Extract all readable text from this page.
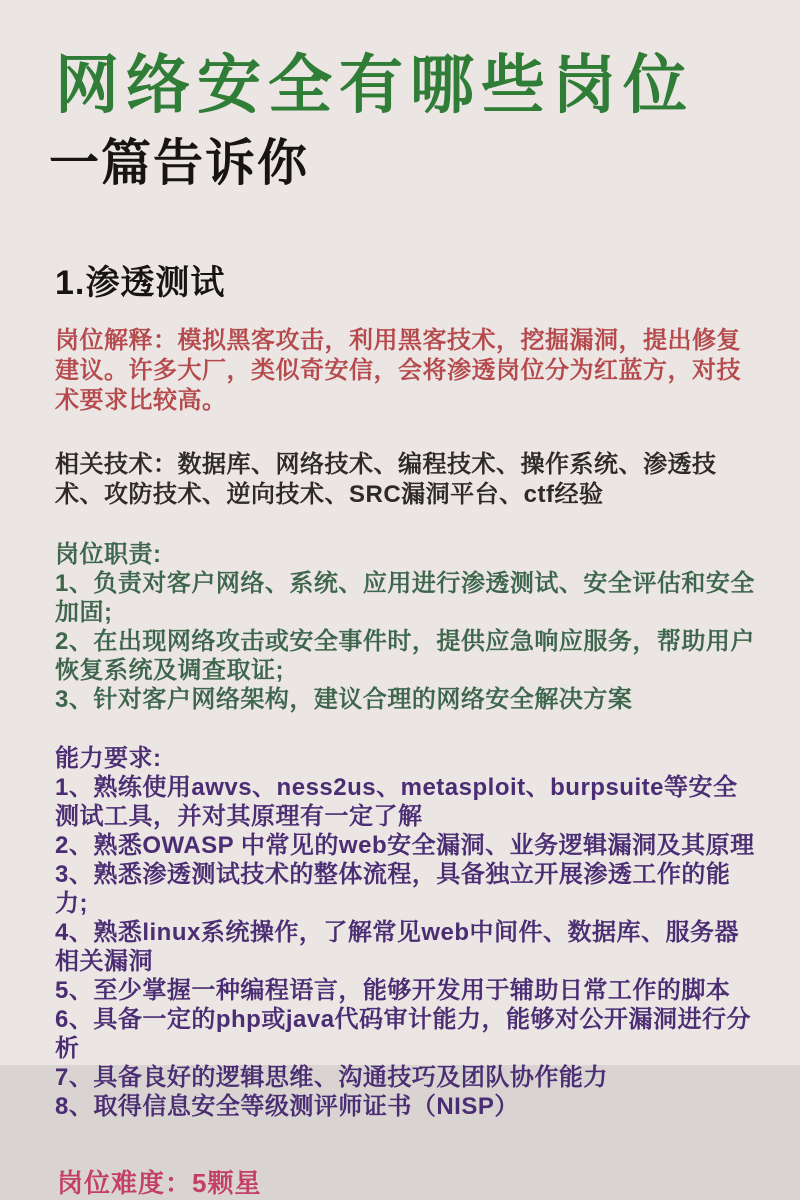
网络安全有哪些岗位
一篇告诉你
1.渗透测试

岗位解释：模拟黑客攻击，利用黑客技术，挖掘漏洞，提出修复建议。许多大厂，类似奇安信，会将渗透岗位分为红蓝方，对技术要求比较高。

相关技术：数据库、网络技术、编程技术、操作系统、渗透技术、攻防技术、逆向技术、SRC漏洞平台、ctf经验

岗位职责:
1、负责对客户网络、系统、应用进行渗透测试、安全评估和安全加固;
2、在出现网络攻击或安全事件时，提供应急响应服务，帮助用户恢复系统及调查取证;
3、针对客户网络架构，建议合理的网络安全解决方案
能力要求:
1、熟练使用awvs、ness2us、metasploit、burpsuite等安全测试工具，并对其原理有一定了解
2、熟悉OWASP 中常见的web安全漏洞、业务逻辑漏洞及其原理
3、熟悉渗透测试技术的整体流程，具备独立开展渗透工作的能力;
4、熟悉linux系统操作，了解常见web中间件、数据库、服务器相关漏洞
5、至少掌握一种编程语言，能够开发用于辅助日常工作的脚本
6、具备一定的php或java代码审计能力，能够对公开漏洞进行分析
7、具备良好的逻辑思维、沟通技巧及团队协作能力
8、取得信息安全等级测评师证书（NISP）

岗位难度：5颗星
